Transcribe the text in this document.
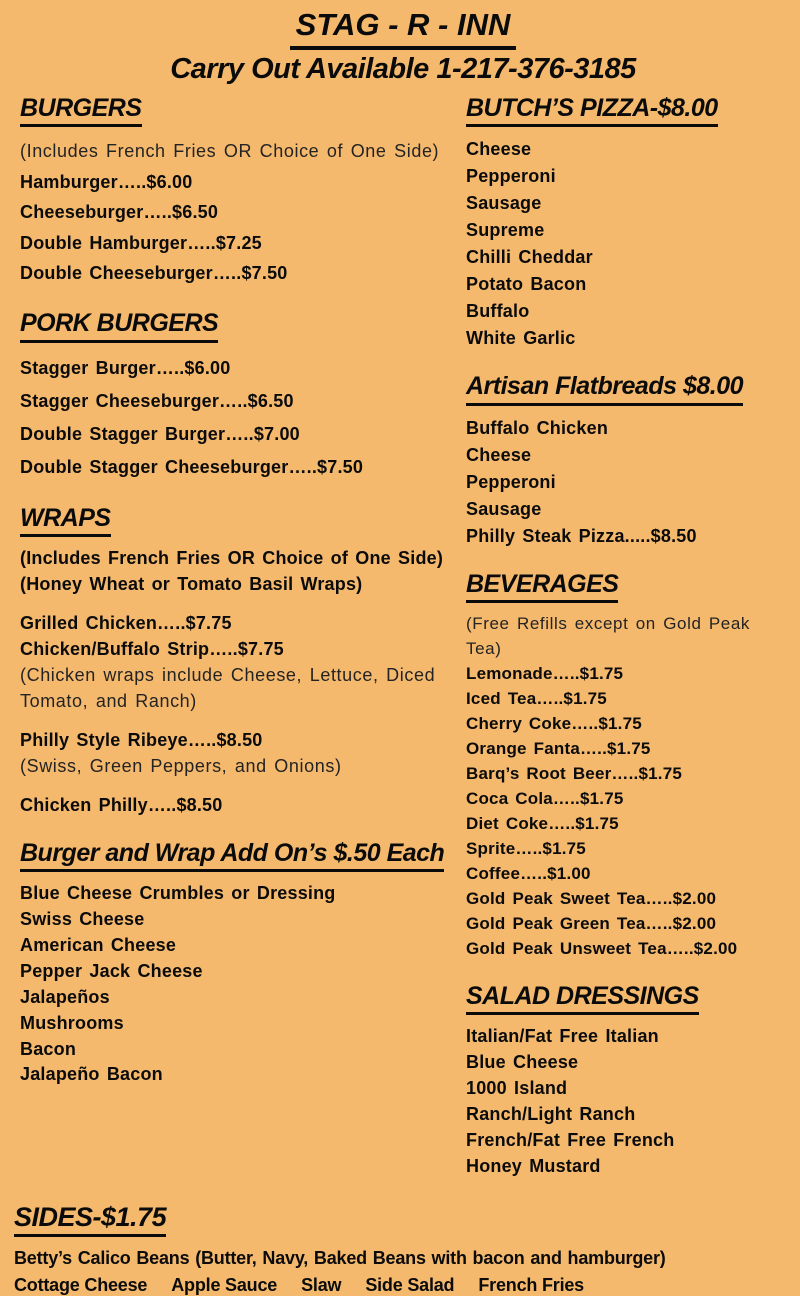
STAG - R - INN
Carry Out Available 1-217-376-3185
BURGERS

(Includes French Fries OR Choice of One Side)

Hamburger…..$6.00

Cheeseburger…..$6.50

Double Hamburger…..$7.25

Double Cheeseburger…..$7.50

PORK BURGERS

Stagger Burger…..$6.00

Stagger Cheeseburger…..$6.50

Double Stagger Burger…..$7.00

Double Stagger Cheeseburger…..$7.50

WRAPS

(Includes French Fries OR Choice of One Side)

(Honey Wheat or Tomato Basil Wraps)

Grilled Chicken…..$7.75

Chicken/Buffalo Strip…..$7.75

(Chicken wraps include Cheese, Lettuce, Diced Tomato, and Ranch)

Philly Style Ribeye…..$8.50

(Swiss, Green Peppers, and Onions)

Chicken Philly…..$8.50

Burger and Wrap Add On’s $.50 Each

Blue Cheese Crumbles or Dressing

Swiss Cheese

American Cheese

Pepper Jack Cheese

Jalapeños

Mushrooms

Bacon

Jalapeño Bacon

BUTCH’S PIZZA-$8.00

Cheese

Pepperoni

Sausage

Supreme

Chilli Cheddar

Potato Bacon

Buffalo

White Garlic

Artisan Flatbreads $8.00

Buffalo Chicken

Cheese

Pepperoni

Sausage

Philly Steak Pizza.....$8.50

BEVERAGES

(Free Refills except on Gold Peak Tea)

Lemonade…..$1.75

Iced Tea…..$1.75

Cherry Coke…..$1.75

Orange Fanta…..$1.75

Barq’s Root Beer…..$1.75

Coca Cola…..$1.75

Diet Coke…..$1.75

Sprite…..$1.75

Coffee…..$1.00

Gold Peak Sweet Tea…..$2.00

Gold Peak Green Tea…..$2.00

Gold Peak Unsweet Tea…..$2.00

SALAD DRESSINGS

Italian/Fat Free Italian

Blue Cheese

1000 Island

Ranch/Light Ranch

French/Fat Free French

Honey Mustard

SIDES-$1.75

Betty’s Calico Beans (Butter, Navy, Baked Beans with bacon and hamburger)

Cottage Cheese Apple Sauce Slaw Side Salad French Fries
